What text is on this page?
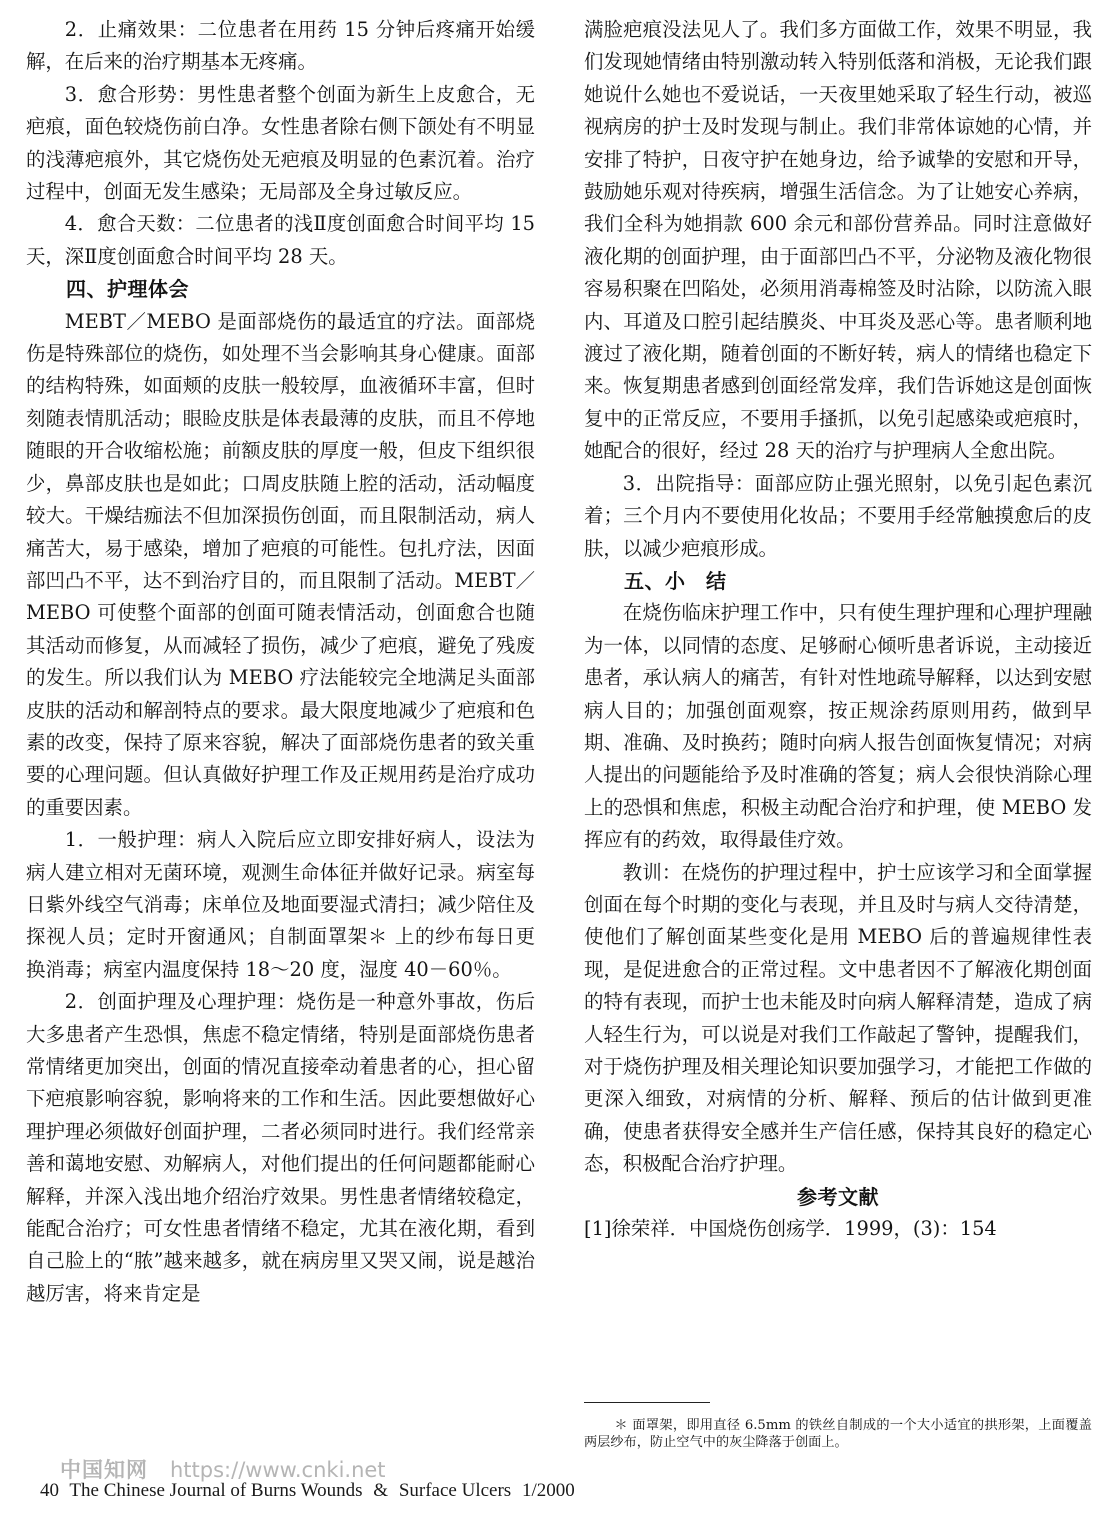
2．止痛效果：二位患者在用药 15 分钟后疼痛开始缓解，在后来的治疗期基本无疼痛。

3．愈合形势：男性患者整个创面为新生上皮愈合，无疤痕，面色较烧伤前白净。女性患者除右侧下颌处有不明显的浅薄疤痕外，其它烧伤处无疤痕及明显的色素沉着。治疗过程中，创面无发生感染；无局部及全身过敏反应。

4．愈合天数：二位患者的浅Ⅱ度创面愈合时间平均 15 天，深Ⅱ度创面愈合时间平均 28 天。

四、护理体会

MEBT／MEBO 是面部烧伤的最适宜的疗法。面部烧伤是特殊部位的烧伤，如处理不当会影响其身心健康。面部的结构特殊，如面颊的皮肤一般较厚，血液循环丰富，但时刻随表情肌活动；眼睑皮肤是体表最薄的皮肤，而且不停地随眼的开合收缩松施；前额皮肤的厚度一般，但皮下组织很少，鼻部皮肤也是如此；口周皮肤随上腔的活动，活动幅度较大。干燥结痂法不但加深损伤创面，而且限制活动，病人痛苦大，易于感染，增加了疤痕的可能性。包扎疗法，因面部凹凸不平，达不到治疗目的，而且限制了活动。MEBT／MEBO 可使整个面部的创面可随表情活动，创面愈合也随其活动而修复，从而减轻了损伤，减少了疤痕，避免了残废的发生。所以我们认为 MEBO 疗法能较完全地满足头面部皮肤的活动和解剖特点的要求。最大限度地减少了疤痕和色素的改变，保持了原来容貌，解决了面部烧伤患者的致关重要的心理问题。但认真做好护理工作及正规用药是治疗成功的重要因素。

1．一般护理：病人入院后应立即安排好病人，设法为病人建立相对无菌环境，观测生命体征并做好记录。病室每日紫外线空气消毒；床单位及地面要湿式清扫；减少陪住及探视人员；定时开窗通风；自制面罩架＊ 上的纱布每日更换消毒；病室内温度保持 18～20 度，湿度 40－60％。

2．创面护理及心理护理：烧伤是一种意外事故，伤后大多患者产生恐惧，焦虑不稳定情绪，特别是面部烧伤患者常情绪更加突出，创面的情况直接牵动着患者的心，担心留下疤痕影响容貌，影响将来的工作和生活。因此要想做好心理护理必须做好创面护理，二者必须同时进行。我们经常亲善和蔼地安慰、劝解病人，对他们提出的任何问题都能耐心解释，并深入浅出地介绍治疗效果。男性患者情绪较稳定，能配合治疗；可女性患者情绪不稳定，尤其在液化期，看到自己脸上的“脓”越来越多，就在病房里又哭又闹，说是越治越厉害，将来肯定是

满脸疤痕没法见人了。我们多方面做工作，效果不明显，我们发现她情绪由特别激动转入特别低落和消极，无论我们跟她说什么她也不爱说话，一天夜里她采取了轻生行动，被巡视病房的护士及时发现与制止。我们非常体谅她的心情，并安排了特护，日夜守护在她身边，给予诚挚的安慰和开导，鼓励她乐观对待疾病，增强生活信念。为了让她安心养病，我们全科为她捐款 600 余元和部份营养品。同时注意做好液化期的创面护理，由于面部凹凸不平，分泌物及液化物很容易积聚在凹陷处，必须用消毒棉签及时沾除，以防流入眼内、耳道及口腔引起结膜炎、中耳炎及恶心等。患者顺利地渡过了液化期，随着创面的不断好转，病人的情绪也稳定下来。恢复期患者感到创面经常发痒，我们告诉她这是创面恢复中的正常反应，不要用手搔抓，以免引起感染或疤痕时，她配合的很好，经过 28 天的治疗与护理病人全愈出院。

3．出院指导：面部应防止强光照射，以免引起色素沉着；三个月内不要使用化妆品；不要用手经常触摸愈后的皮肤，以减少疤痕形成。

五、小　结

在烧伤临床护理工作中，只有使生理护理和心理护理融为一体，以同情的态度、足够耐心倾听患者诉说，主动接近患者，承认病人的痛苦，有针对性地疏导解释，以达到安慰病人目的；加强创面观察，按正规涂药原则用药，做到早期、准确、及时换药；随时向病人报告创面恢复情况；对病人提出的问题能给予及时准确的答复；病人会很快消除心理上的恐惧和焦虑，积极主动配合治疗和护理，使 MEBO 发挥应有的药效，取得最佳疗效。

教训：在烧伤的护理过程中，护士应该学习和全面掌握创面在每个时期的变化与表现，并且及时与病人交待清楚，使他们了解创面某些变化是用 MEBO 后的普遍规律性表现，是促进愈合的正常过程。文中患者因不了解液化期创面的特有表现，而护士也未能及时向病人解释清楚，造成了病人轻生行为，可以说是对我们工作敲起了警钟，提醒我们，对于烧伤护理及相关理论知识要加强学习，才能把工作做的更深入细致，对病情的分析、解释、预后的估计做到更准确，使患者获得安全感并生产信任感，保持其良好的稳定心态，积极配合治疗护理。

参考文献

[1]徐荣祥．中国烧伤创疡学．1999，(3)：154

＊ 面罩架，即用直径 6.5mm 的铁丝自制成的一个大小适宜的拱形架，上面覆盖两层纱布，防止空气中的灰尘降落于创面上。

中国知网 https://www.cnki.net
40 The Chinese Journal of Burns Wounds & Surface Ulcers 1/2000
